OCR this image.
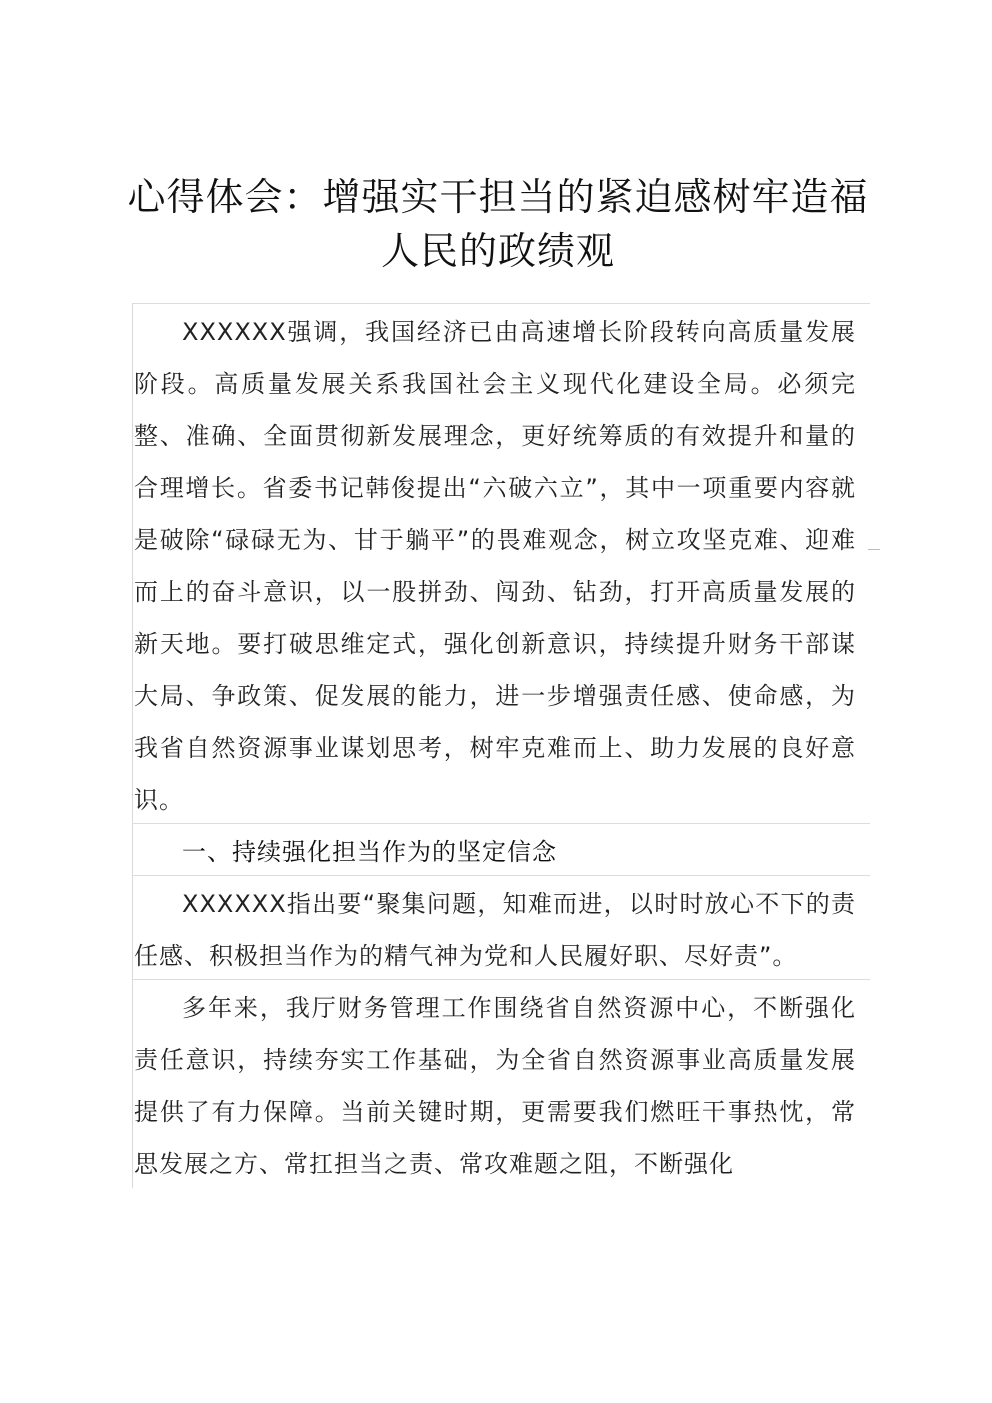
心得体会：增强实干担当的紧迫感树牢造福人民的政绩观
XXXXXX强调，我国经济已由高速增长阶段转向高质量发展阶段。高质量发展关系我国社会主义现代化建设全局。必须完整、准确、全面贯彻新发展理念，更好统筹质的有效提升和量的合理增长。省委书记韩俊提出“六破六立”，其中一项重要内容就是破除“碌碌无为、甘于躺平”的畏难观念，树立攻坚克难、迎难而上的奋斗意识，以一股拼劲、闯劲、钻劲，打开高质量发展的新天地。要打破思维定式，强化创新意识，持续提升财务干部谋大局、争政策、促发展的能力，进一步增强责任感、使命感，为我省自然资源事业谋划思考，树牢克难而上、助力发展的良好意识。
一、持续强化担当作为的坚定信念
XXXXXX指出要“聚集问题，知难而进，以时时放心不下的责任感、积极担当作为的精气神为党和人民履好职、尽好责”。
多年来，我厅财务管理工作围绕省自然资源中心，不断强化责任意识，持续夯实工作基础，为全省自然资源事业高质量发展提供了有力保障。当前关键时期，更需要我们燃旺干事热忱，常思发展之方、常扛担当之责、常攻难题之阻，不断强化
